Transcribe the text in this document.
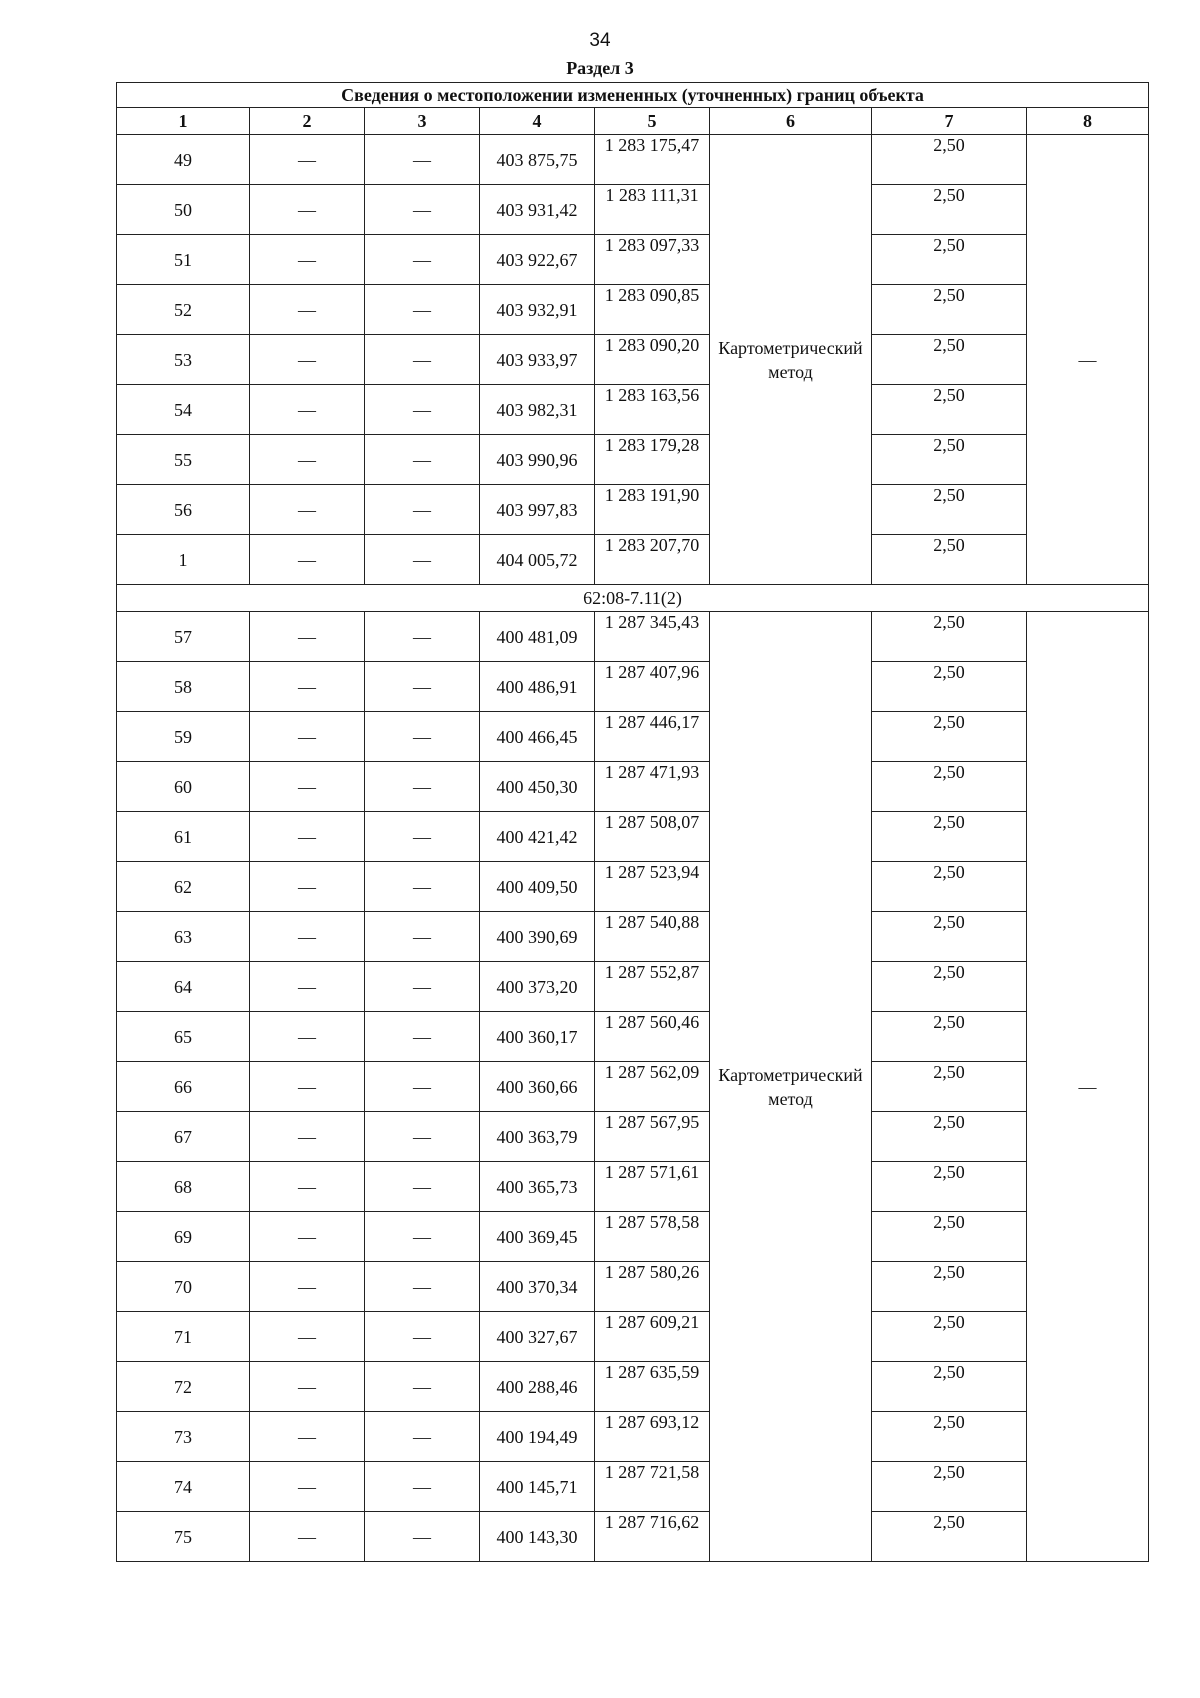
34
Раздел 3
Сведения о местоположении измененных (уточненных) границ объекта							
1	2	3	4	5	6	7	8
49	—	—	403 875,75	1 283 175,47	Картометрический метод	2,50	—
50	—	—	403 931,42	1 283 111,31		2,50	
51	—	—	403 922,67	1 283 097,33		2,50	
52	—	—	403 932,91	1 283 090,85		2,50	
53	—	—	403 933,97	1 283 090,20		2,50	
54	—	—	403 982,31	1 283 163,56		2,50	
55	—	—	403 990,96	1 283 179,28		2,50	
56	—	—	403 997,83	1 283 191,90		2,50	
1	—	—	404 005,72	1 283 207,70		2,50	
62:08-7.11(2)							
57	—	—	400 481,09	1 287 345,43	Картометрический метод	2,50	—
58	—	—	400 486,91	1 287 407,96		2,50	
59	—	—	400 466,45	1 287 446,17		2,50	
60	—	—	400 450,30	1 287 471,93		2,50	
61	—	—	400 421,42	1 287 508,07		2,50	
62	—	—	400 409,50	1 287 523,94		2,50	
63	—	—	400 390,69	1 287 540,88		2,50	
64	—	—	400 373,20	1 287 552,87		2,50	
65	—	—	400 360,17	1 287 560,46		2,50	
66	—	—	400 360,66	1 287 562,09		2,50	
67	—	—	400 363,79	1 287 567,95		2,50	
68	—	—	400 365,73	1 287 571,61		2,50	
69	—	—	400 369,45	1 287 578,58		2,50	
70	—	—	400 370,34	1 287 580,26		2,50	
71	—	—	400 327,67	1 287 609,21		2,50	
72	—	—	400 288,46	1 287 635,59		2,50	
73	—	—	400 194,49	1 287 693,12		2,50	
74	—	—	400 145,71	1 287 721,58		2,50	
75	—	—	400 143,30	1 287 716,62		2,50	
